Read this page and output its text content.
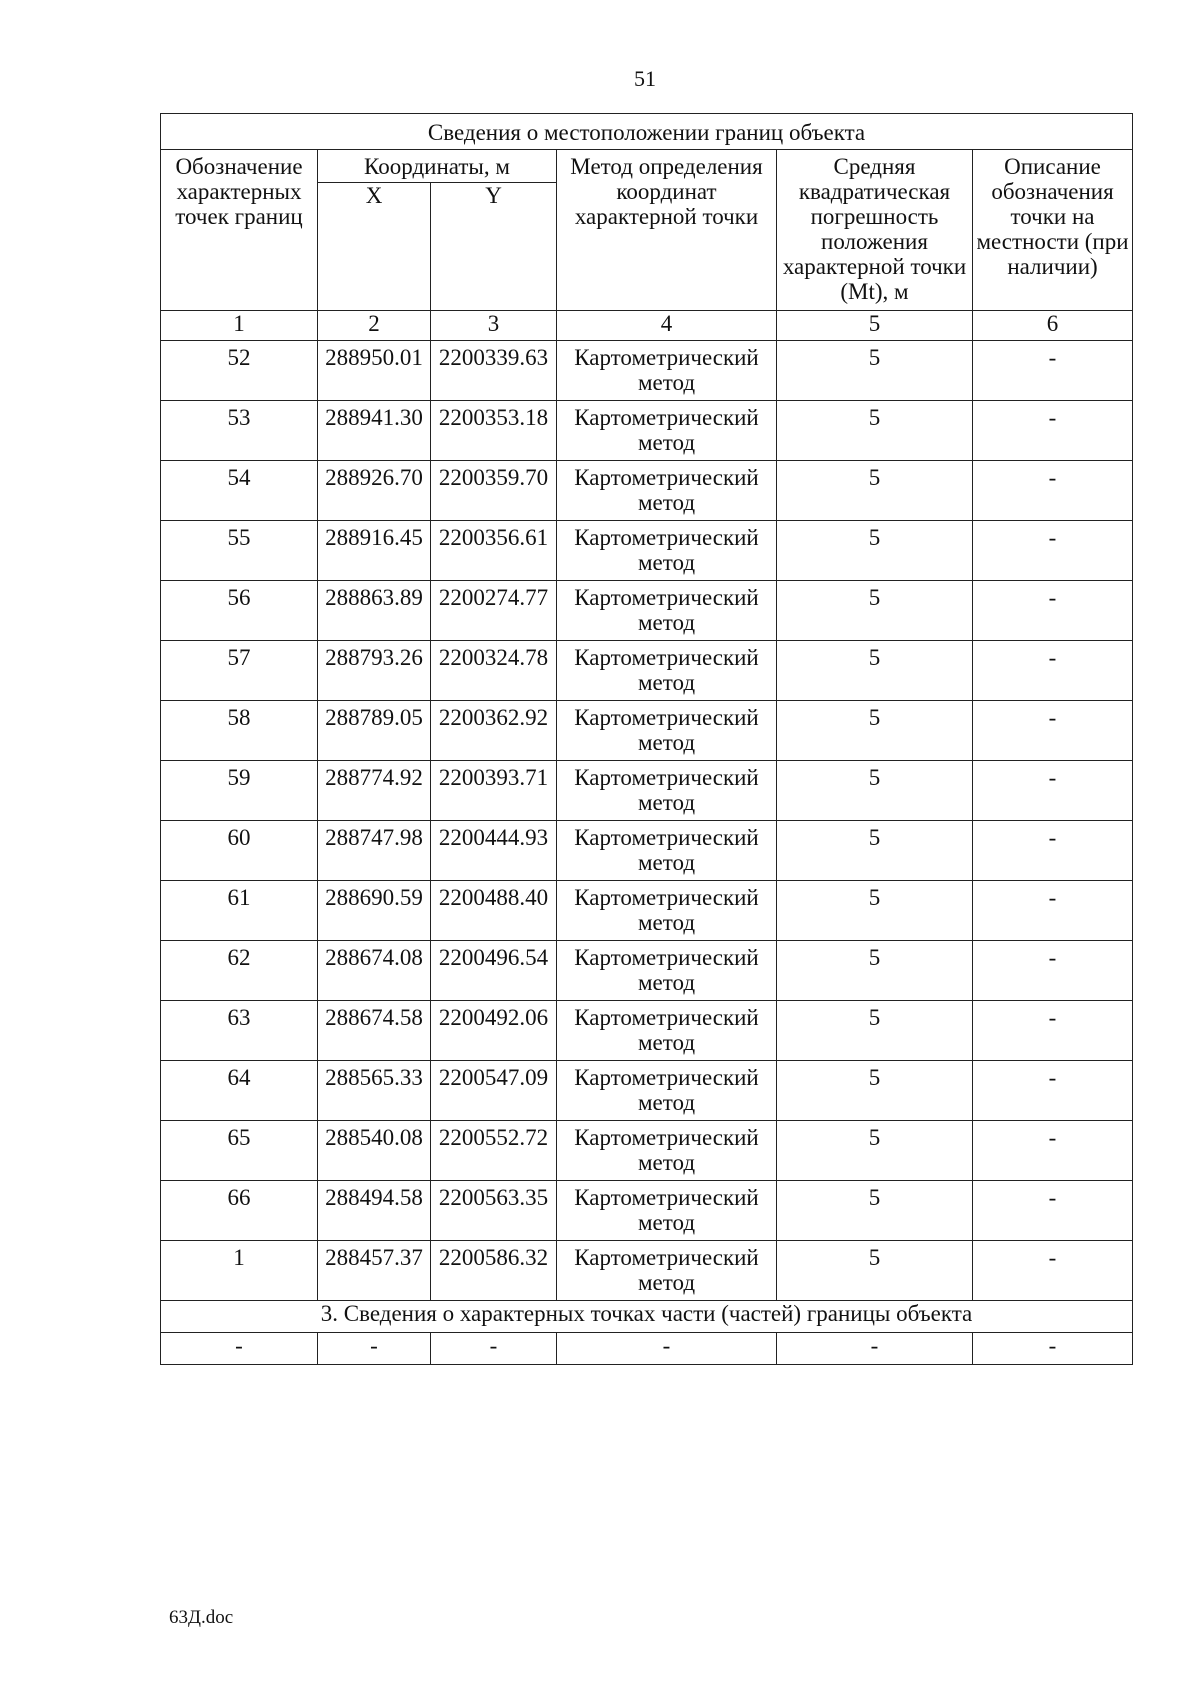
51
Сведения о местоположении границ объекта					
Обозначение характерных точек границ	Координаты, м		Метод определения координат характерной точки	Средняя квадратическая погрешность положения характерной точки (Mt), м	Описание обозначения точки на местности (при наличии)
	X	Y			
1	2	3	4	5	6
52	288950.01	2200339.63	Картометрический метод	5	-
53	288941.30	2200353.18	Картометрический метод	5	-
54	288926.70	2200359.70	Картометрический метод	5	-
55	288916.45	2200356.61	Картометрический метод	5	-
56	288863.89	2200274.77	Картометрический метод	5	-
57	288793.26	2200324.78	Картометрический метод	5	-
58	288789.05	2200362.92	Картометрический метод	5	-
59	288774.92	2200393.71	Картометрический метод	5	-
60	288747.98	2200444.93	Картометрический метод	5	-
61	288690.59	2200488.40	Картометрический метод	5	-
62	288674.08	2200496.54	Картометрический метод	5	-
63	288674.58	2200492.06	Картометрический метод	5	-
64	288565.33	2200547.09	Картометрический метод	5	-
65	288540.08	2200552.72	Картометрический метод	5	-
66	288494.58	2200563.35	Картометрический метод	5	-
1	288457.37	2200586.32	Картометрический метод	5	-
3. Сведения о характерных точках части (частей) границы объекта					
-	-	-	-	-	-
63Д.doc
